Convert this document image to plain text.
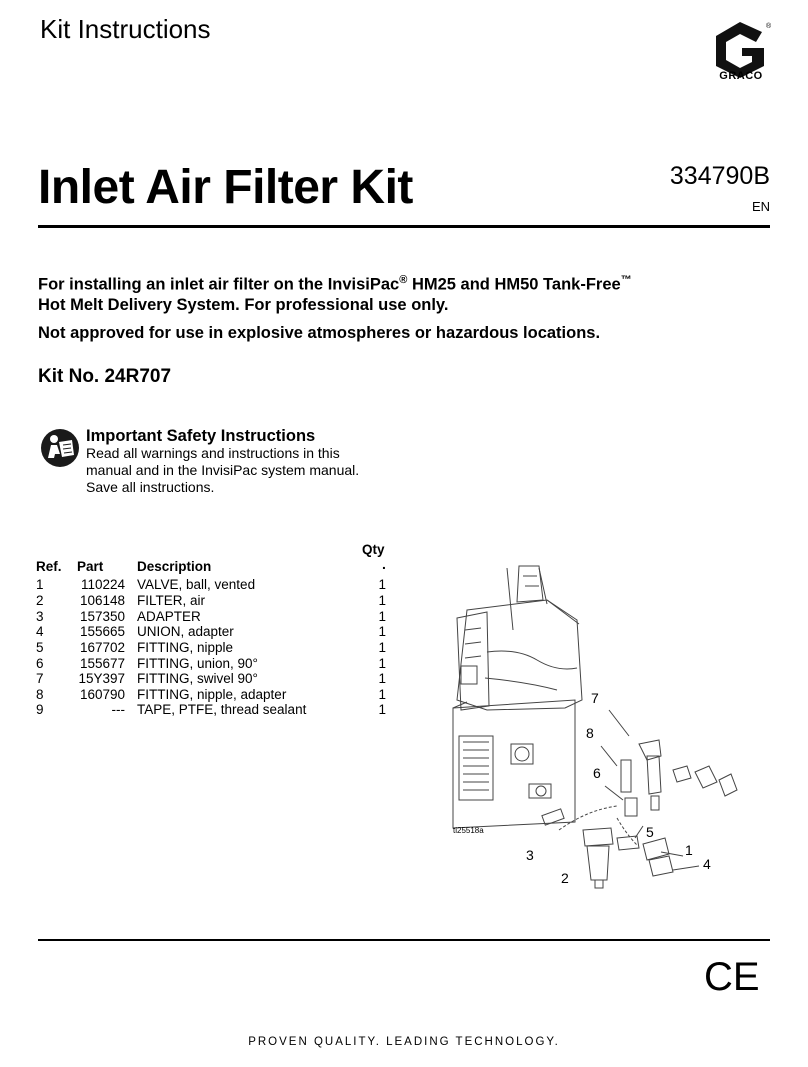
Kit Instructions	®
GRACO
Inlet Air Filter Kit	334790B
EN
For installing an inlet air filter on the InvisiPac® HM25 and HM50 Tank-Free™
Hot Melt Delivery System. For professional use only.
Not approved for use in explosive atmospheres or hazardous locations.
Kit No. 24R707
Important Safety Instructions
Read all warnings and instructions in this
manual and in the InvisiPac system manual.
Save all instructions.
Qty
Ref. Part Description	.
1	110224 VALVE, ball, vented	1
2	106148 FILTER, air	1
3	157350 ADAPTER	1
4	155665 UNION, adapter	1
5	167702 FITTING, nipple	1
6	155677 FITTING, union, 90°	1
7	15Y397 FITTING, swivel 90°	1
8	160790 FITTING, nipple, adapter	1
9	--- TAPE, PTFE, thread sealant	1
7
8
6
5
1
4
3
2
ti25518a
CE
PROVEN QUALITY. LEADING TECHNOLOGY.
